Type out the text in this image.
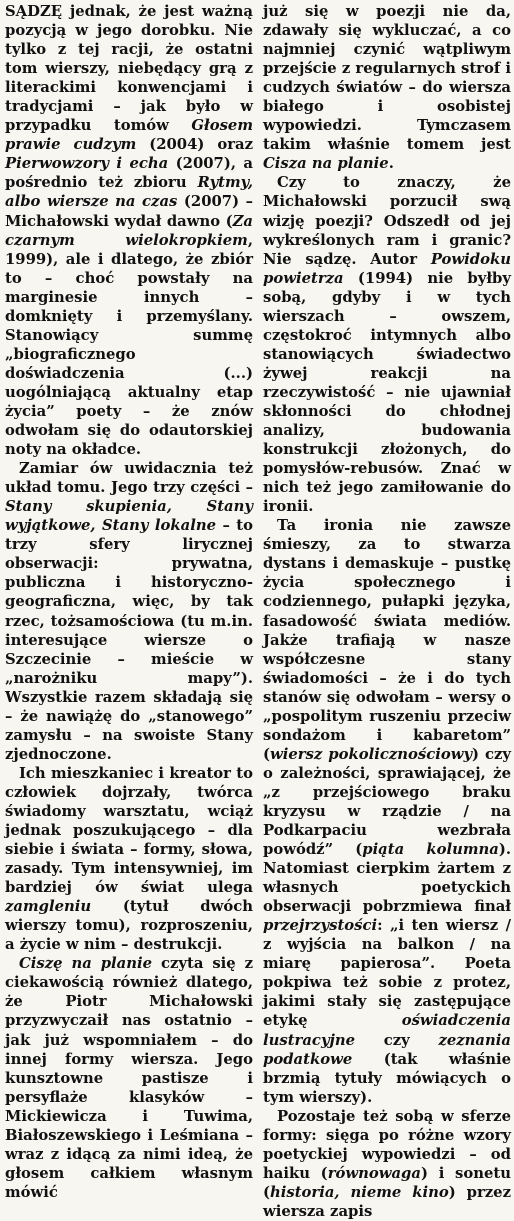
SĄDZĘ jednak, że jest ważną pozycją w jego dorobku. Nie tylko z tej racji, że ostatni tom wierszy, niebędący grą z literackimi konwencjami i tradycjami – jak było w przypadku tomów Głosem prawie cudzym (2004) oraz Pierwowzory i echa (2007), a pośrednio też zbioru Rytmy, albo wiersze na czas (2007) – Michałowski wydał dawno (Za czarnym wielokropkiem, 1999), ale i dlatego, że zbiór to – choć powstały na marginesie innych – domknięty i przemyślany. Stanowiący summę „biograficznego doświadczenia (...) uogólniającą aktualny etap życia” poety – że znów odwołam się do odautorskiej noty na okładce.

Zamiar ów uwidacznia też układ tomu. Jego trzy części – Stany skupienia, Stany wyjątkowe, Stany lokalne – to trzy sfery lirycznej obserwacji: prywatna, publiczna i historyczno-geograficzna, więc, by tak rzec, tożsamościowa (tu m.in. interesujące wiersze o Szczecinie – mieście w „narożniku mapy”). Wszystkie razem składają się – że nawiążę do „stanowego” zamysłu – na swoiste Stany zjednoczone.

Ich mieszkaniec i kreator to człowiek dojrzały, twórca świadomy warsztatu, wciąż jednak poszukującego – dla siebie i świata – formy, słowa, zasady. Tym intensywniej, im bardziej ów świat ulega zamgleniu (tytuł dwóch wierszy tomu), rozproszeniu, a życie w nim – destrukcji.

Ciszę na planie czyta się z ciekawością również dlatego, że Piotr Michałowski przyzwyczaił nas ostatnio – jak już wspomniałem – do innej formy wiersza. Jego kunsztowne pastisze i persyflaże klasyków – Mickiewicza i Tuwima, Białoszewskiego i Leśmiana – wraz z idącą za nimi ideą, że głosem całkiem własnym mówić

już się w poezji nie da, zdawały się wykluczać, a co najmniej czynić wątpliwym przejście z regularnych strof i cudzych światów – do wiersza białego i osobistej wypowiedzi. Tymczasem takim właśnie tomem jest Cisza na planie.

Czy to znaczy, że Michałowski porzucił swą wizję poezji? Odszedł od jej wykreślonych ram i granic? Nie sądzę. Autor Powidoku powietrza (1994) nie byłby sobą, gdyby i w tych wierszach – owszem, częstokroć intymnych albo stanowiących świadectwo żywej reakcji na rzeczywistość – nie ujawniał skłonności do chłodnej analizy, budowania konstrukcji złożonych, do pomysłów-rebusów. Znać w nich też jego zamiłowanie do ironii.

Ta ironia nie zawsze śmieszy, za to stwarza dystans i demaskuje – pustkę życia społecznego i codziennego, pułapki języka, fasadowość świata mediów. Jakże trafiają w nasze współczesne stany świadomości – że i do tych stanów się odwołam – wersy o „pospolitym ruszeniu przeciw sondażom i kabaretom” (wiersz pokolicznościowy) czy o zależności, sprawiającej, że „z przejściowego braku kryzysu w rządzie / na Podkarpaciu wezbrała powódź” (piąta kolumna). Natomiast cierpkim żartem z własnych poetyckich obserwacji pobrzmiewa finał przejrzystości: „i ten wiersz / z wyjścia na balkon / na miarę papierosa”. Poeta pokpiwa też sobie z protez, jakimi stały się zastępujące etykę oświadczenia lustracyjne czy zeznania podatkowe (tak właśnie brzmią tytuły mówiących o tym wierszy).

Pozostaje też sobą w sferze formy: sięga po różne wzory poetyckiej wypowiedzi – od haiku (równowaga) i sonetu (historia, nieme kino) przez wiersza zapis
